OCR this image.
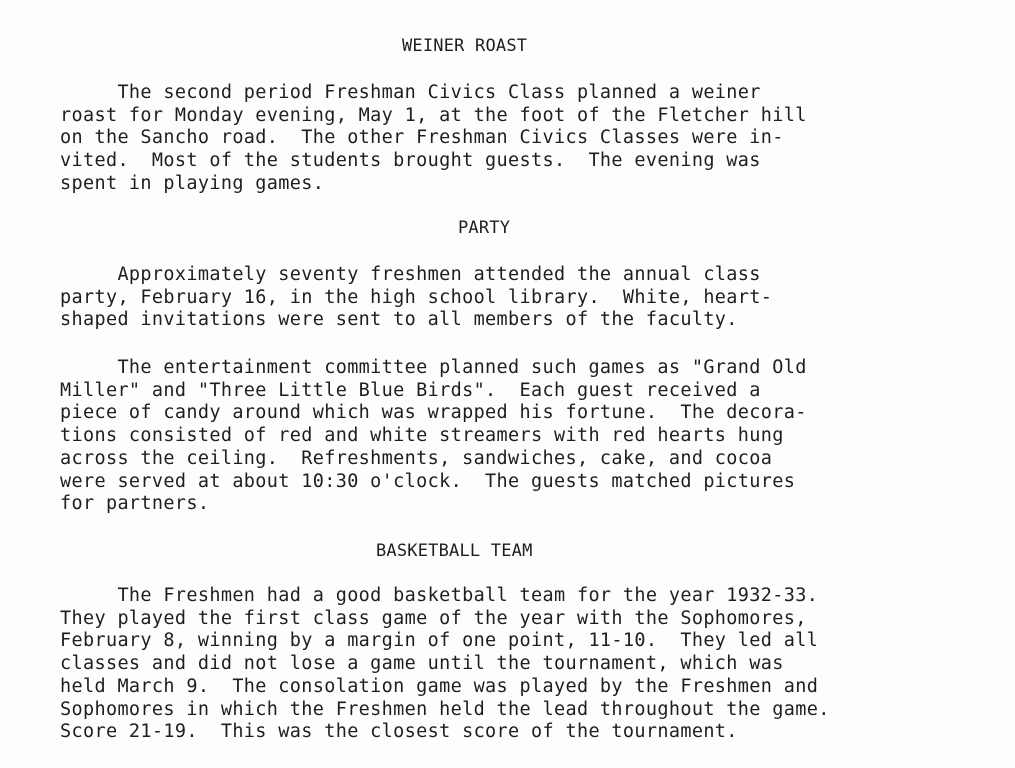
WEINER ROAST
The second period Freshman Civics Class planned a weiner
roast for Monday evening, May 1, at the foot of the Fletcher hill
on the Sancho road.  The other Freshman Civics Classes were in-
vited.  Most of the students brought guests.  The evening was
spent in playing games.
PARTY
Approximately seventy freshmen attended the annual class
party, February 16, in the high school library.  White, heart-
shaped invitations were sent to all members of the faculty.
The entertainment committee planned such games as "Grand Old
Miller" and "Three Little Blue Birds".  Each guest received a
piece of candy around which was wrapped his fortune.  The decora-
tions consisted of red and white streamers with red hearts hung
across the ceiling.  Refreshments, sandwiches, cake, and cocoa
were served at about 10:30 o'clock.  The guests matched pictures
for partners.
BASKETBALL TEAM
The Freshmen had a good basketball team for the year 1932-33.
They played the first class game of the year with the Sophomores,
February 8, winning by a margin of one point, 11-10.  They led all
classes and did not lose a game until the tournament, which was
held March 9.  The consolation game was played by the Freshmen and
Sophomores in which the Freshmen held the lead throughout the game.
Score 21-19.  This was the closest score of the tournament.
